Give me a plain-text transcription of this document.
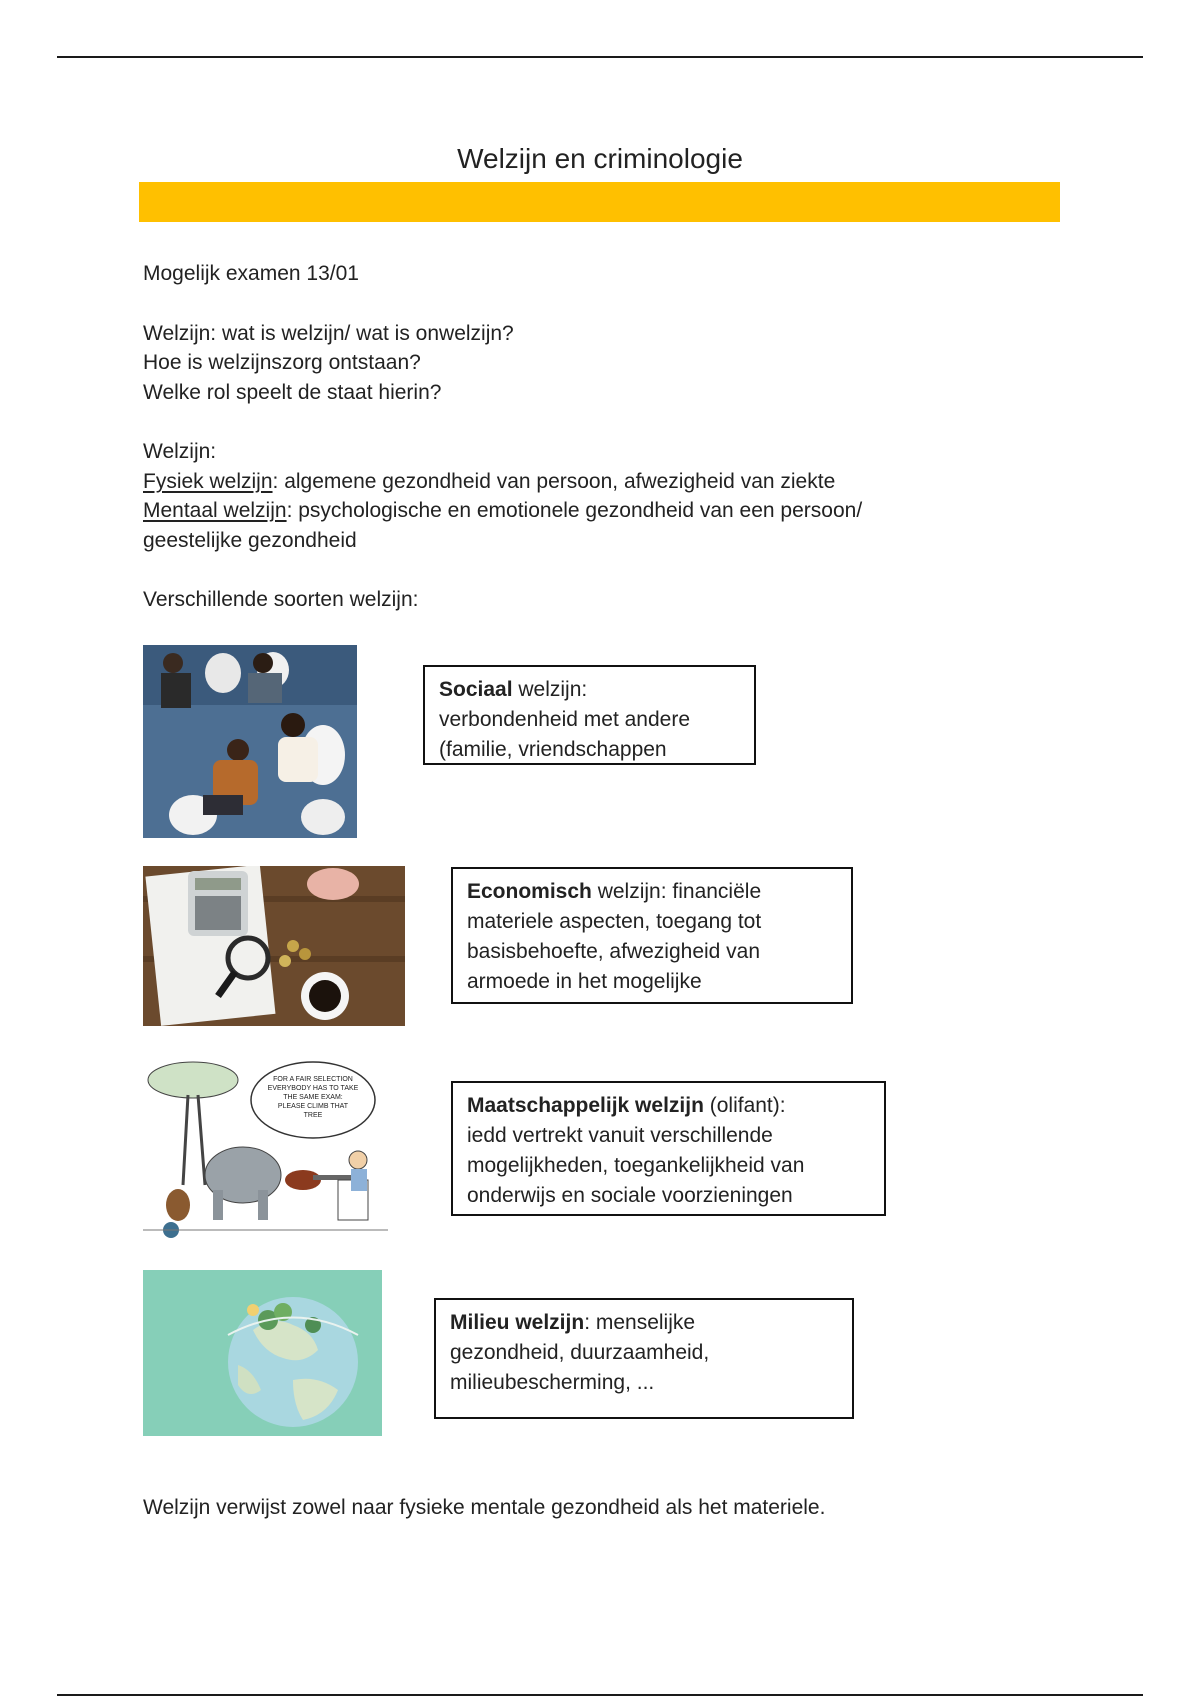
Welzijn en criminologie
Mogelijk examen 13/01
Welzijn: wat is welzijn/ wat is onwelzijn?
Hoe is welzijnszorg ontstaan?
Welke rol speelt de staat hierin?
Welzijn:
Fysiek welzijn: algemene gezondheid van persoon, afwezigheid van ziekte
Mentaal welzijn: psychologische en emotionele gezondheid van een persoon/
geestelijke gezondheid
Verschillende soorten welzijn:
Sociaal welzijn:
verbondenheid met andere
(familie, vriendschappen
Economisch welzijn: financiële
materiele aspecten, toegang tot
basisbehoefte, afwezigheid van
armoede in het mogelijke
FOR A FAIR SELECTION
EVERYBODY HAS TO TAKE
THE SAME EXAM:
PLEASE CLIMB THAT
TREE	Maatschappelijk welzijn (olifant):
iedd vertrekt vanuit verschillende
mogelijkheden, toegankelijkheid van
onderwijs en sociale voorzieningen
Milieu welzijn: menselijke
gezondheid, duurzaamheid,
milieubescherming, ...
Welzijn verwijst zowel naar fysieke mentale gezondheid als het materiele.
